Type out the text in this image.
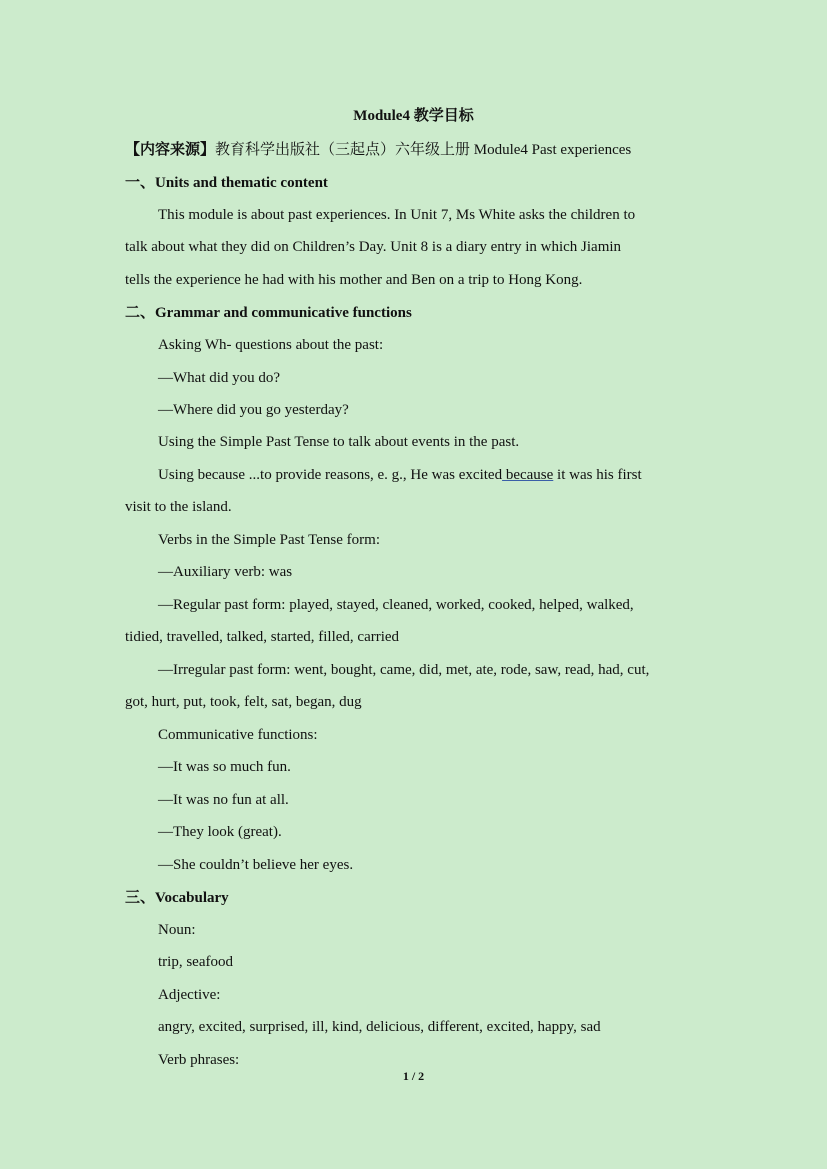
Module4 教学目标
【内容来源】教育科学出版社（三起点）六年级上册 Module4 Past experiences
一、Units and thematic content
This module is about past experiences. In Unit 7, Ms White asks the children to
talk about what they did on Children’s Day. Unit 8 is a diary entry in which Jiamin
tells the experience he had with his mother and Ben on a trip to Hong Kong.
二、Grammar and communicative functions
Asking Wh- questions about the past:
—What did you do?
—Where did you go yesterday?
Using the Simple Past Tense to talk about events in the past.
Using because ...to provide reasons, e. g., He was excited because it was his first
visit to the island.
Verbs in the Simple Past Tense form:
—Auxiliary verb: was
—Regular past form: played, stayed, cleaned, worked, cooked, helped, walked,
tidied, travelled, talked, started, filled, carried
—Irregular past form: went, bought, came, did, met, ate, rode, saw, read, had, cut,
got, hurt, put, took, felt, sat, began, dug
Communicative functions:
—It was so much fun.
—It was no fun at all.
—They look (great).
—She couldn’t believe her eyes.
三、Vocabulary
Noun:
trip, seafood
Adjective:
angry, excited, surprised, ill, kind, delicious, different, excited, happy, sad
Verb phrases:
1 / 2
